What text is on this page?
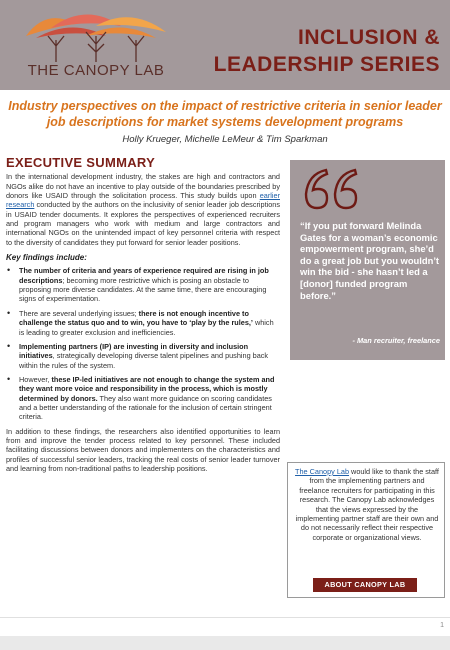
THE CANOPY LAB
INCLUSION &
LEADERSHIP SERIES
Industry perspectives on the impact of restrictive criteria in senior leader job descriptions for market systems development programs
Holly Krueger, Michelle LeMeur & Tim Sparkman
EXECUTIVE SUMMARY

In the international development industry, the stakes are high and contractors and NGOs alike do not have an incentive to play outside of the boundaries prescribed by donors like USAID through the solicitation process. This study builds upon earlier research conducted by the authors on the inclusivity of senior leader job descriptions in USAID tender documents. It explores the perspectives of experienced recruiters and program managers who work with medium and large contractors and international NGOs on the unintended impact of key personnel criteria with respect to the diversity of candidates they put forward for senior leader positions.

Key findings include:
• The number of criteria and years of experience required are rising in job descriptions; becoming more restrictive which is posing an obstacle to proposing more diverse candidates. At the same time, there are encouraging signs of experimentation.
• There are several underlying issues; there is not enough incentive to challenge the status quo and to win, you have to ‘play by the rules,’ which is leading to greater exclusion and inefficiencies.
• Implementing partners (IP) are investing in diversity and inclusion initiatives, strategically developing diverse talent pipelines and pushing back within the rules of the system.
• However, these IP-led initiatives are not enough to change the system and they want more voice and responsibility in the process, which is mostly determined by donors. They also want more guidance on scoring candidates and a better understanding of the rationale for the inclusion of certain stringent criteria.

In addition to these findings, the researchers also identified opportunities to learn from and improve the tender process related to key personnel. These included facilitating discussions between donors and implementers on the characteristics and profiles of successful senior leaders, tracking the real costs of senior leader turnover and learning from non-traditional paths to leadership positions.

“If you put forward Melinda Gates for a woman’s economic empowerment program, she’d do a great job but you wouldn’t win the bid - she hasn’t led a [donor] funded program before.”
- Man recruiter, freelance
The Canopy Lab would like to thank the staff from the implementing partners and freelance recruiters for participating in this research. The Canopy Lab acknowledges that the views expressed by the implementing partner staff are their own and do not necessarily reflect their respective corporate or organizational views.
ABOUT CANOPY LAB
1
